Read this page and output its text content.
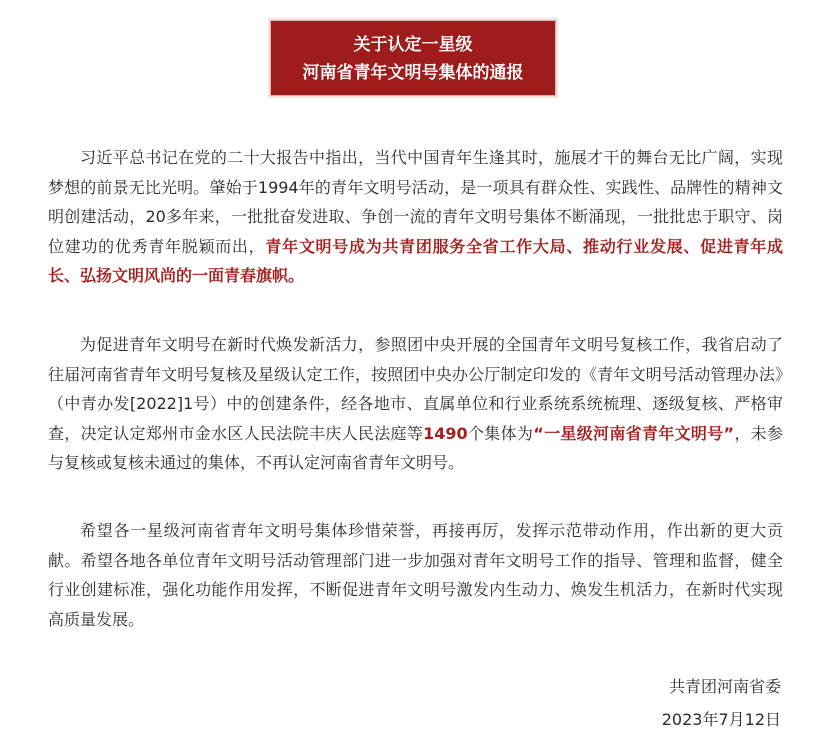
关于认定一星级
河南省青年文明号集体的通报

习近平总书记在党的二十大报告中指出，当代中国青年生逢其时，施展才干的舞台无比广阔，实现梦想的前景无比光明。肇始于1994年的青年文明号活动，是一项具有群众性、实践性、品牌性的精神文明创建活动，20多年来，一批批奋发进取、争创一流的青年文明号集体不断涌现，一批批忠于职守、岗位建功的优秀青年脱颖而出，青年文明号成为共青团服务全省工作大局、推动行业发展、促进青年成长、弘扬文明风尚的一面青春旗帜。

为促进青年文明号在新时代焕发新活力，参照团中央开展的全国青年文明号复核工作，我省启动了往届河南省青年文明号复核及星级认定工作，按照团中央办公厅制定印发的《青年文明号活动管理办法》（中青办发[2022]1号）中的创建条件，经各地市、直属单位和行业系统系统梳理、逐级复核、严格审查，决定认定郑州市金水区人民法院丰庆人民法庭等1490个集体为“一星级河南省青年文明号”，未参与复核或复核未通过的集体，不再认定河南省青年文明号。

希望各一星级河南省青年文明号集体珍惜荣誉，再接再厉，发挥示范带动作用，作出新的更大贡献。希望各地各单位青年文明号活动管理部门进一步加强对青年文明号工作的指导、管理和监督，健全行业创建标准，强化功能作用发挥，不断促进青年文明号激发内生动力、焕发生机活力，在新时代实现高质量发展。

共青团河南省委
2023年7月12日
